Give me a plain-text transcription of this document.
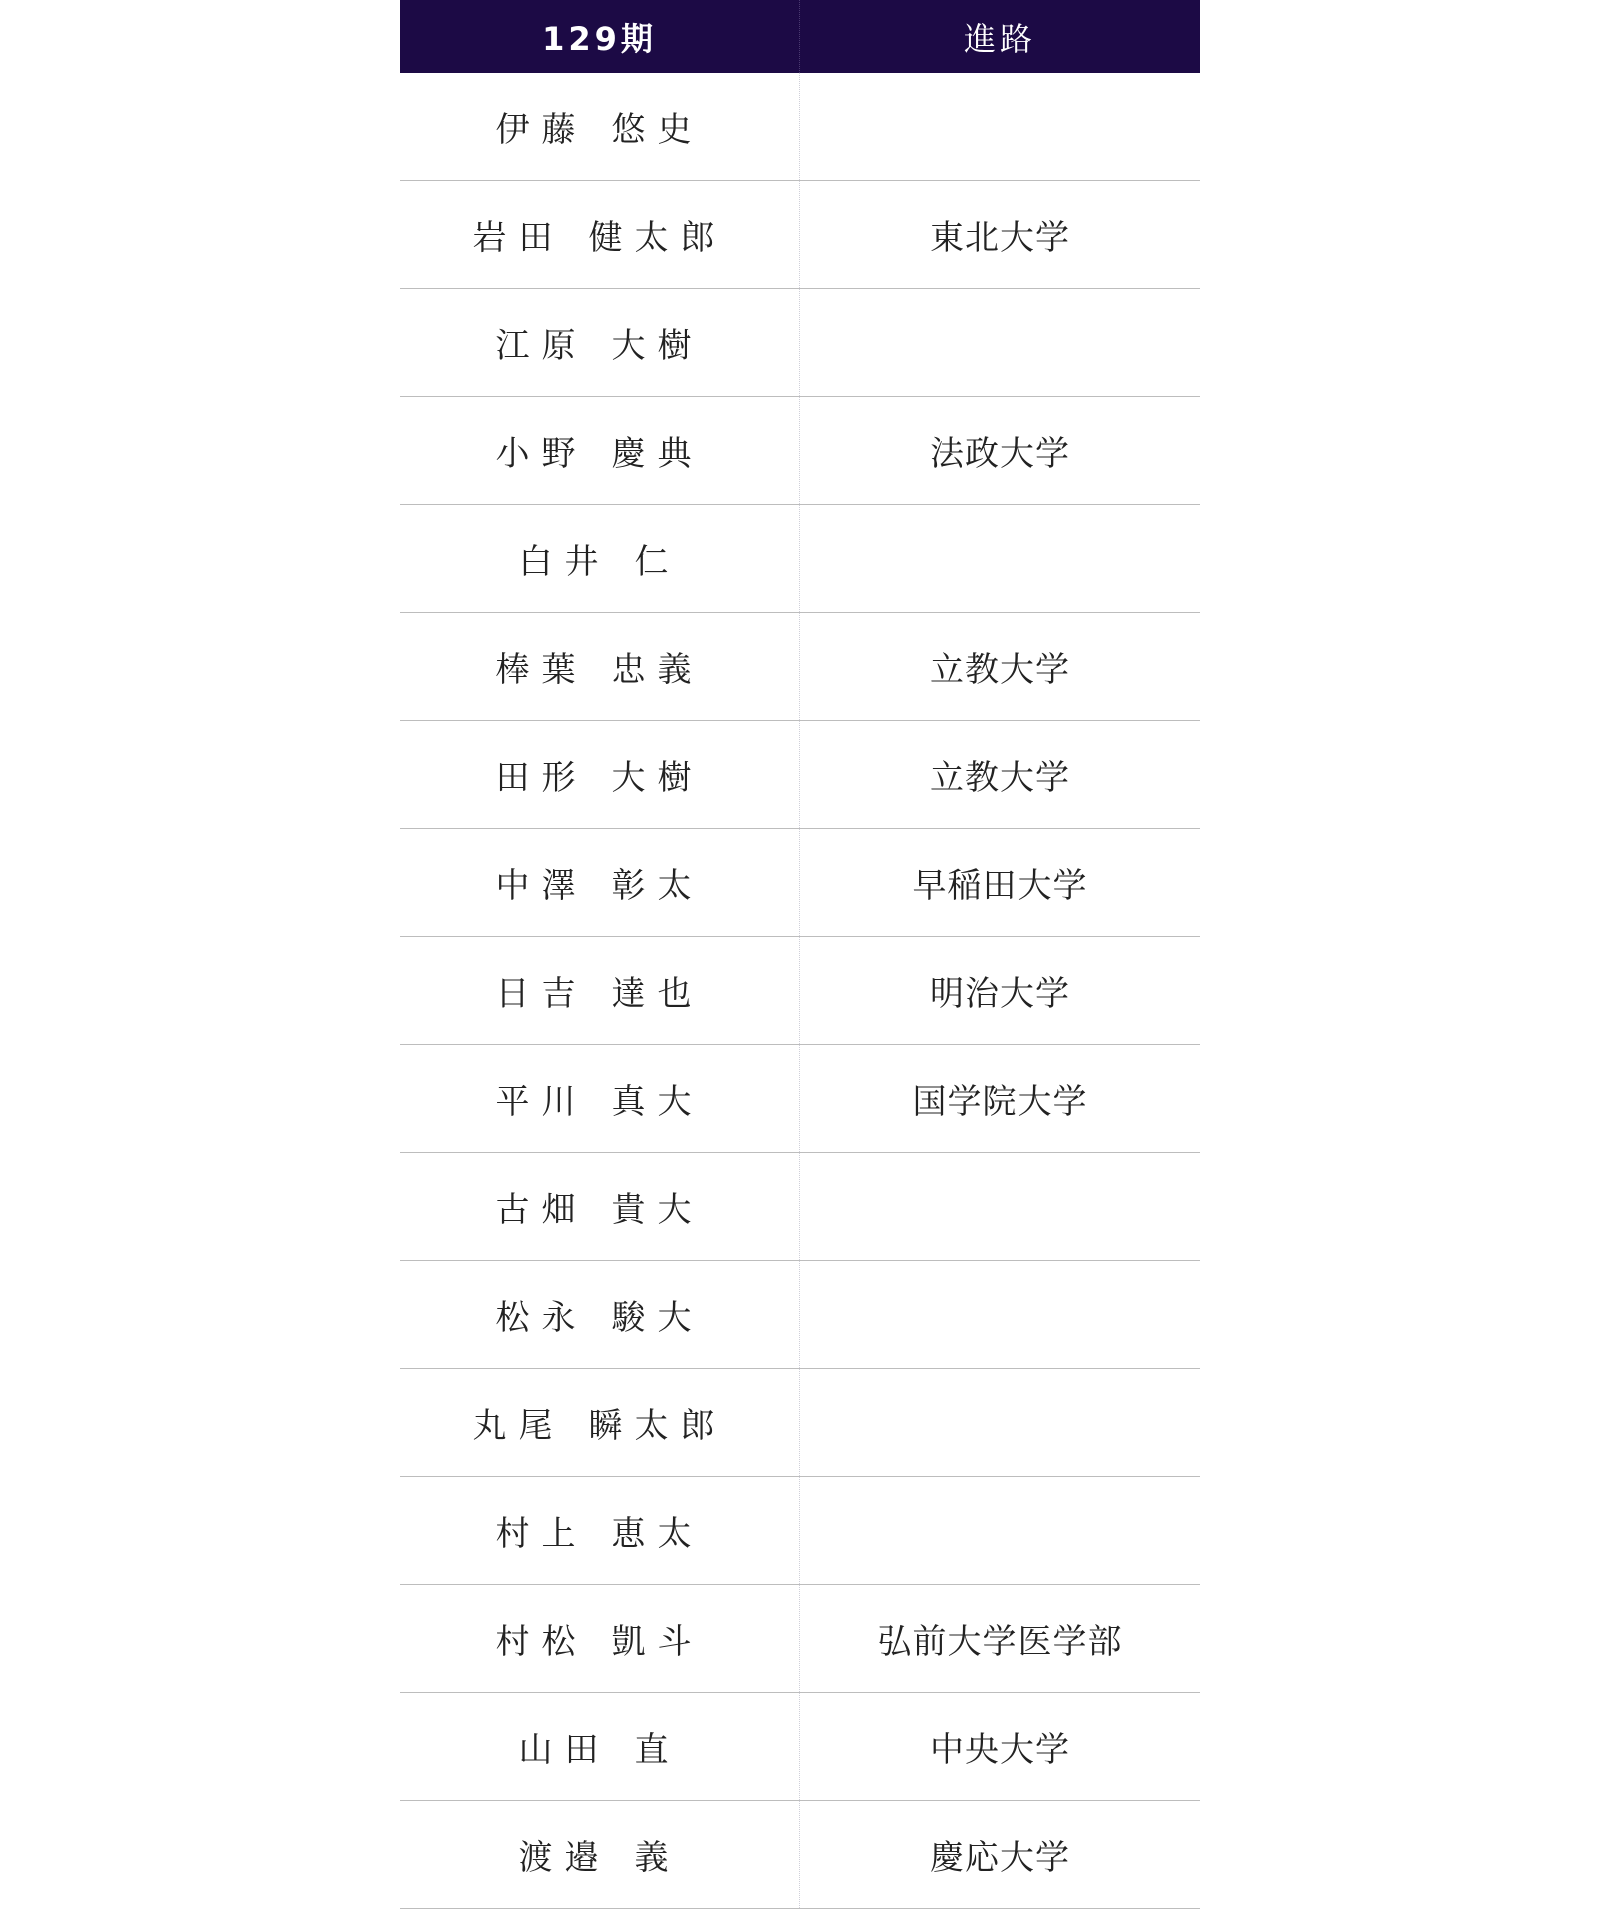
129期	進路
伊藤 悠史
岩田 健太郎	東北大学
江原 大樹
小野 慶典	法政大学
白井 仁
棒葉 忠義	立教大学
田形 大樹	立教大学
中澤 彰太	早稲田大学
日吉 達也	明治大学
平川 真大	国学院大学
古畑 貴大
松永 駿大
丸尾 瞬太郎
村上 恵太
村松 凱斗	弘前大学医学部
山田 直	中央大学
渡邉 義	慶応大学
